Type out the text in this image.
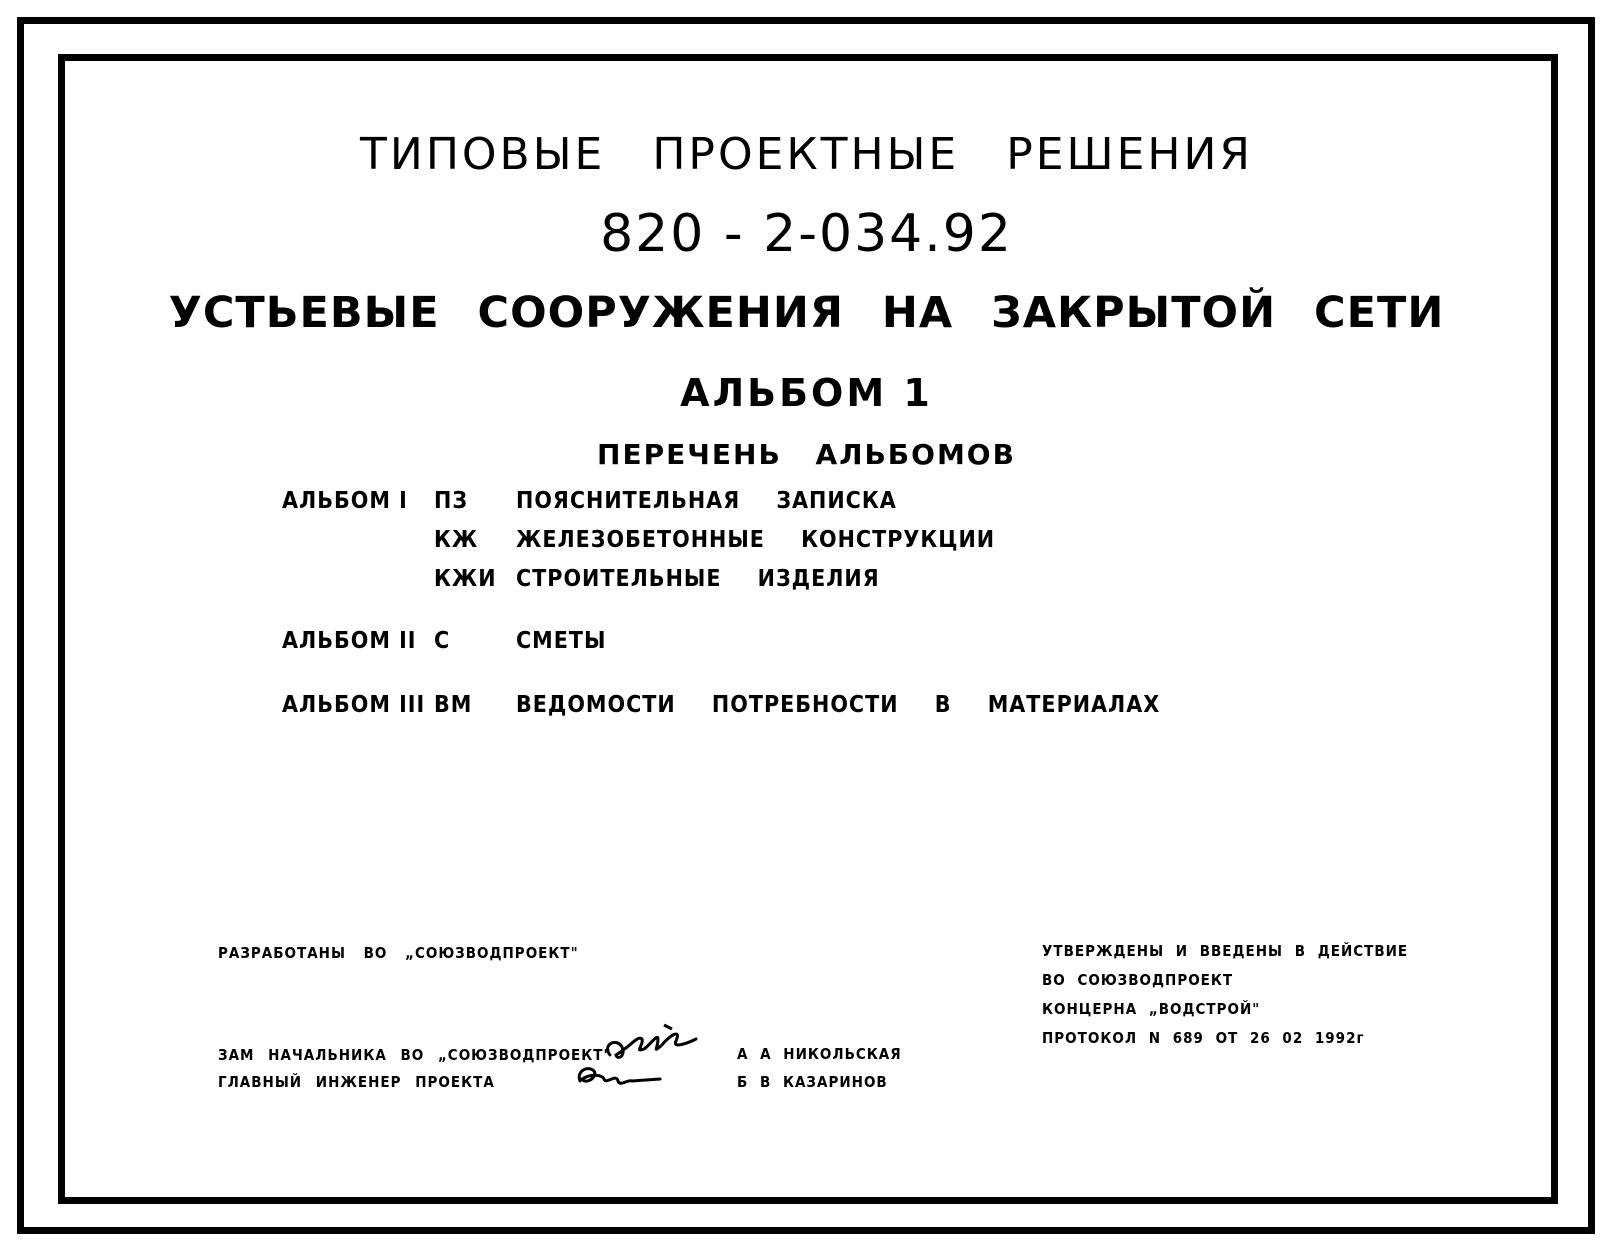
ТИПОВЫЕ ПРОЕКТНЫЕ РЕШЕНИЯ
820 - 2-034.92
УСТЬЕВЫЕ СООРУЖЕНИЯ НА ЗАКРЫТОЙ СЕТИ
АЛЬБОМ 1
ПЕРЕЧЕНЬ АЛЬБОМОВ
АЛЬБОМ I ПЗ ПОЯСНИТЕЛЬНАЯ ЗАПИСКА
КЖ ЖЕЛЕЗОБЕТОННЫЕ КОНСТРУКЦИИ
КЖИ СТРОИТЕЛЬНЫЕ ИЗДЕЛИЯ
АЛЬБОМ II С	СМЕТЫ
АЛЬБОМ III ВМ ВЕДОМОСТИ ПОТРЕБНОСТИ В МАТЕРИАЛАХ
РАЗРАБОТАНЫ ВО „СОЮЗВОДПРОЕКТ"	УТВЕРЖДЕНЫ И ВВЕДЕНЫ В ДЕЙСТВИЕ
ВО СОЮЗВОДПРОЕКТ
КОНЦЕРНА „ВОДСТРОЙ"
ПРОТОКОЛ N 689 ОТ 26 02 1992г
ЗАМ НАЧАЛЬНИКА ВО „СОЮЗВОДПРОЕКТ"
ГЛАВНЫЙ ИНЖЕНЕР ПРОЕКТА
А А НИКОЛЬСКАЯ
Б В КАЗАРИНОВ
